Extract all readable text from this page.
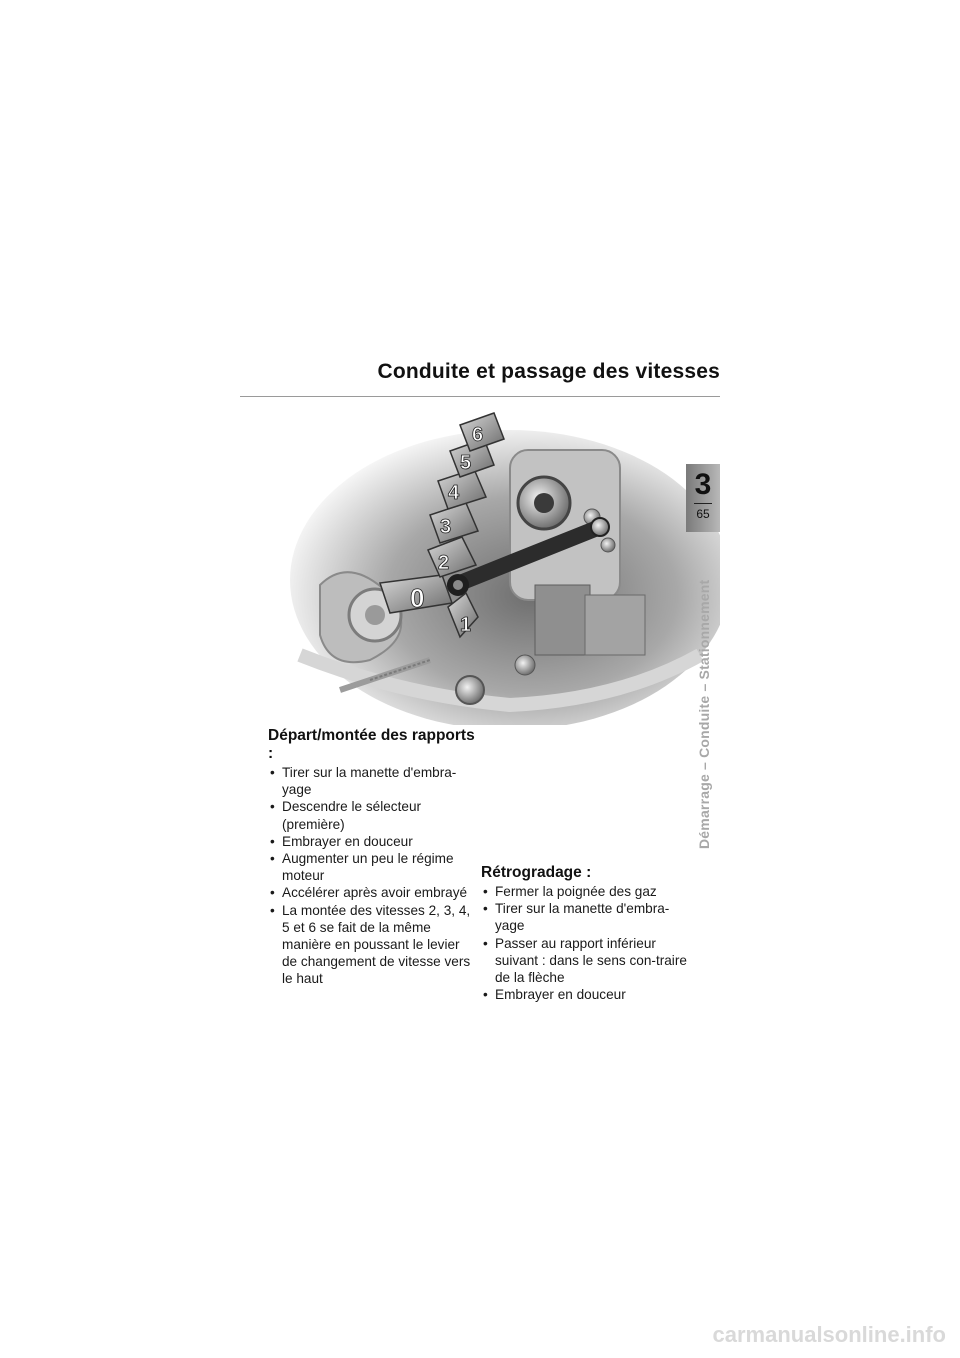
Conduite et passage des vitesses
0
1
2
3
4
5
6
3
65
Démarrage – Conduite – Stationnement
Départ/montée des rapports :
• Tirer sur la manette d'embra-yage
• Descendre le sélecteur (première)
• Embrayer en douceur
• Augmenter un peu le régime moteur
• Accélérer après avoir embrayé
• La montée des vitesses 2, 3, 4, 5 et 6 se fait de la même manière en poussant le levier de changement de vitesse vers le haut
Rétrogradage :
• Fermer la poignée des gaz
• Tirer sur la manette d'embra-yage
• Passer au rapport inférieur suivant : dans le sens con-traire de la flèche
• Embrayer en douceur
carmanualsonline.info
